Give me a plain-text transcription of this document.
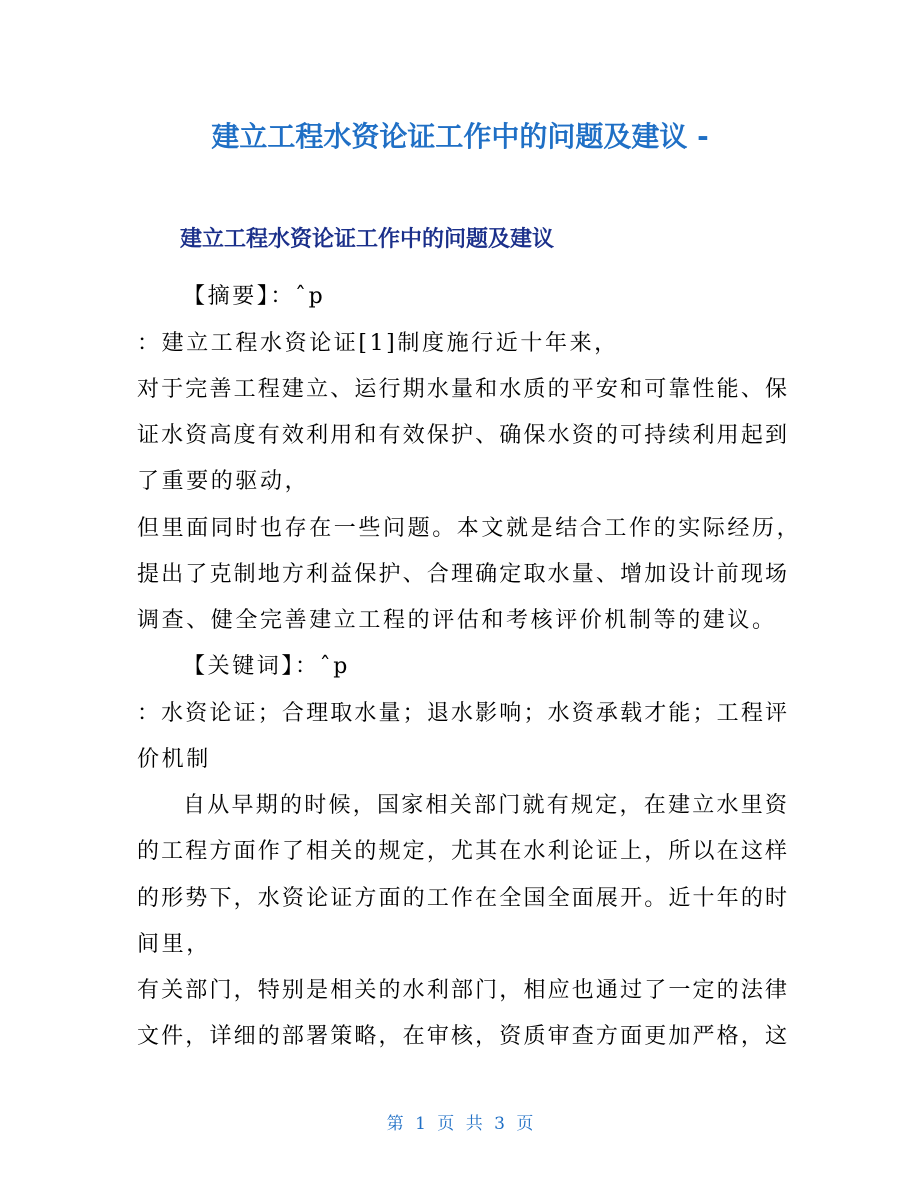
建立工程水资论证工作中的问题及建议 -
建立工程水资论证工作中的问题及建议
【摘要】：ˆp
：建立工程水资论证[1]制度施行近十年来，
对于完善工程建立、运行期水量和水质的平安和可靠性能、保
证水资高度有效利用和有效保护、确保水资的可持续利用起到
了重要的驱动，
但里面同时也存在一些问题。本文就是结合工作的实际经历，
提出了克制地方利益保护、合理确定取水量、增加设计前现场
调查、健全完善建立工程的评估和考核评价机制等的建议。
【关键词】：ˆp
：水资论证；合理取水量；退水影响；水资承载才能；工程评
价机制
自从早期的时候，国家相关部门就有规定，在建立水里资
的工程方面作了相关的规定，尤其在水利论证上，所以在这样
的形势下，水资论证方面的工作在全国全面展开。近十年的时
间里，
有关部门，特别是相关的水利部门，相应也通过了一定的法律
文件，详细的部署策略，在审核，资质审查方面更加严格，这
第 1 页 共 3 页
